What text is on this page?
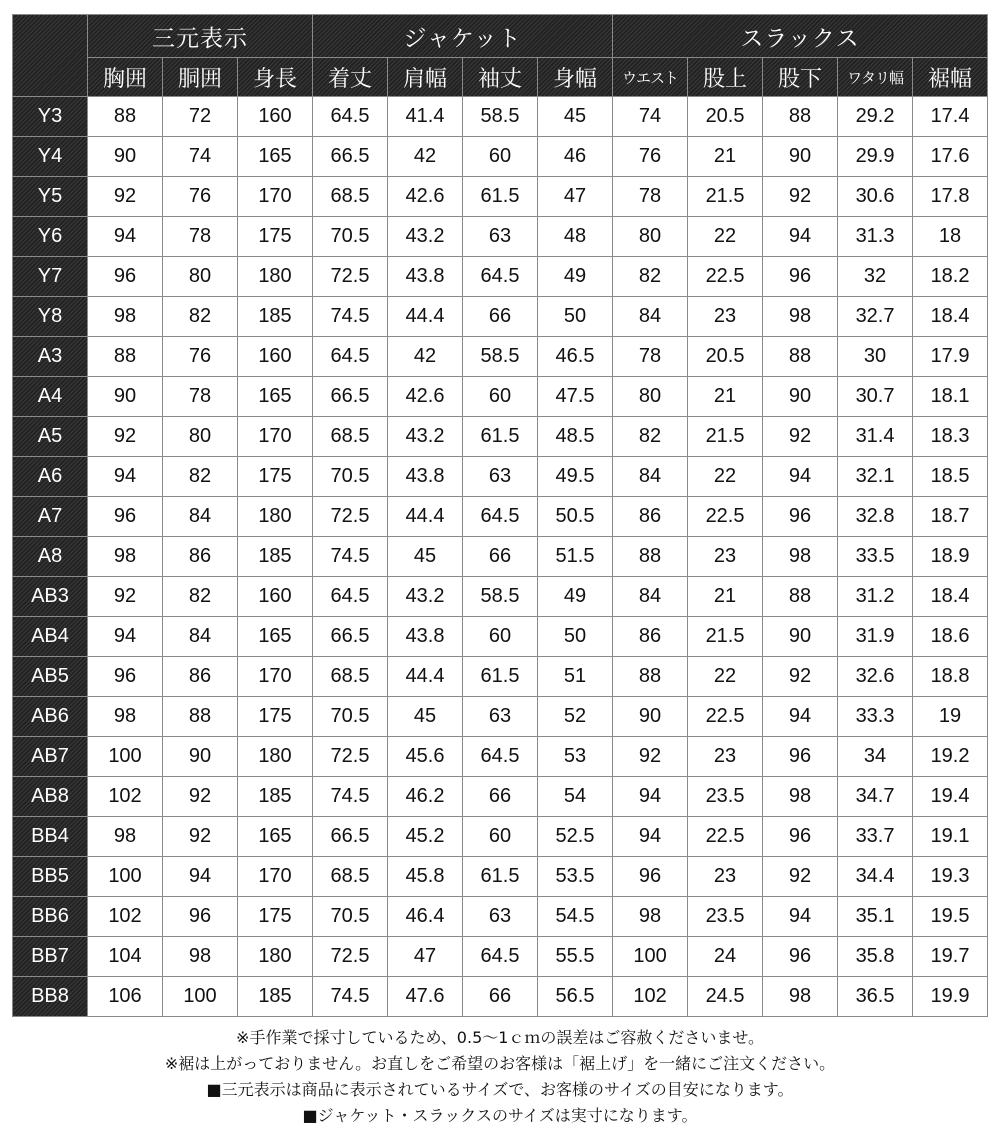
	三元表示			ジャケット				スラックス				
	胸囲	胴囲	身長	着丈	肩幅	袖丈	身幅	ウエスト	股上	股下	ワタリ幅	裾幅
Y3	88	72	160	64.5	41.4	58.5	45	74	20.5	88	29.2	17.4
Y4	90	74	165	66.5	42	60	46	76	21	90	29.9	17.6
Y5	92	76	170	68.5	42.6	61.5	47	78	21.5	92	30.6	17.8
Y6	94	78	175	70.5	43.2	63	48	80	22	94	31.3	18
Y7	96	80	180	72.5	43.8	64.5	49	82	22.5	96	32	18.2
Y8	98	82	185	74.5	44.4	66	50	84	23	98	32.7	18.4
A3	88	76	160	64.5	42	58.5	46.5	78	20.5	88	30	17.9
A4	90	78	165	66.5	42.6	60	47.5	80	21	90	30.7	18.1
A5	92	80	170	68.5	43.2	61.5	48.5	82	21.5	92	31.4	18.3
A6	94	82	175	70.5	43.8	63	49.5	84	22	94	32.1	18.5
A7	96	84	180	72.5	44.4	64.5	50.5	86	22.5	96	32.8	18.7
A8	98	86	185	74.5	45	66	51.5	88	23	98	33.5	18.9
AB3	92	82	160	64.5	43.2	58.5	49	84	21	88	31.2	18.4
AB4	94	84	165	66.5	43.8	60	50	86	21.5	90	31.9	18.6
AB5	96	86	170	68.5	44.4	61.5	51	88	22	92	32.6	18.8
AB6	98	88	175	70.5	45	63	52	90	22.5	94	33.3	19
AB7	100	90	180	72.5	45.6	64.5	53	92	23	96	34	19.2
AB8	102	92	185	74.5	46.2	66	54	94	23.5	98	34.7	19.4
BB4	98	92	165	66.5	45.2	60	52.5	94	22.5	96	33.7	19.1
BB5	100	94	170	68.5	45.8	61.5	53.5	96	23	92	34.4	19.3
BB6	102	96	175	70.5	46.4	63	54.5	98	23.5	94	35.1	19.5
BB7	104	98	180	72.5	47	64.5	55.5	100	24	96	35.8	19.7
BB8	106	100	185	74.5	47.6	66	56.5	102	24.5	98	36.5	19.9
※手作業で採寸しているため、0.5〜1ｃｍの誤差はご容赦くださいませ。
※裾は上がっておりません。お直しをご希望のお客様は「裾上げ」を一緒にご注文ください。
■三元表示は商品に表示されているサイズで、お客様のサイズの目安になります。
■ジャケット・スラックスのサイズは実寸になります。
